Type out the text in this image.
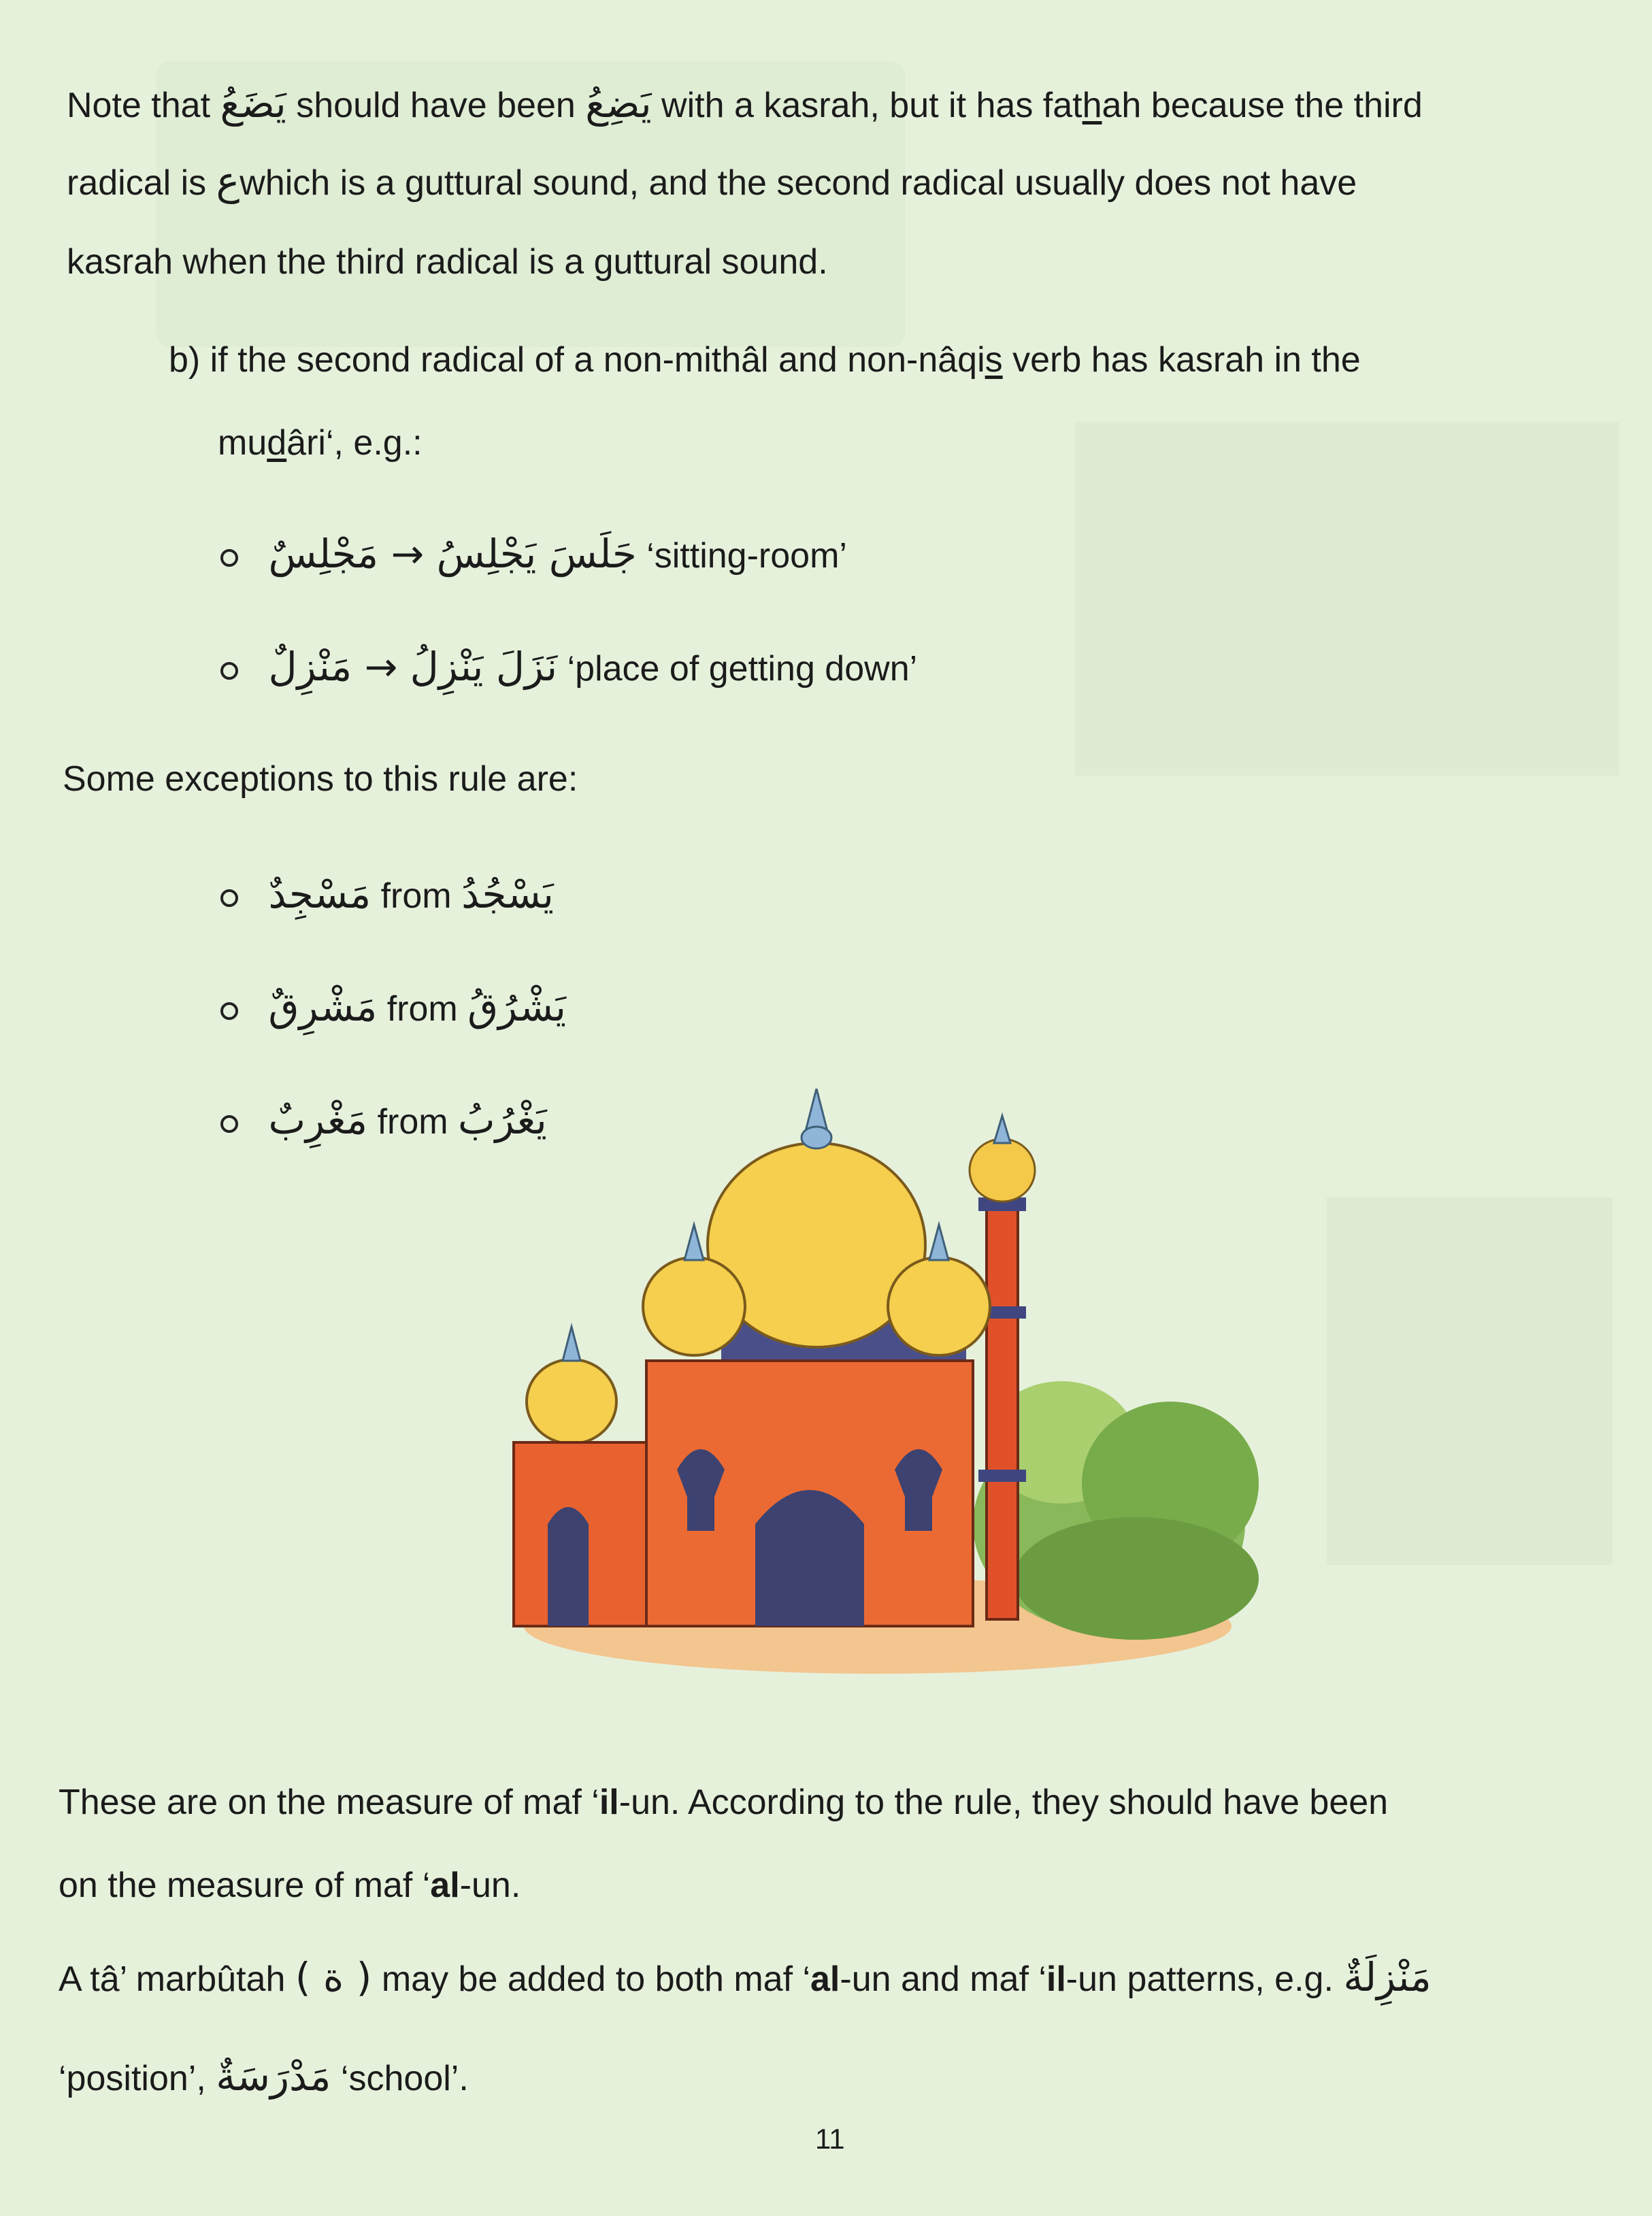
Note that يَضَعُ should have been يَضِعُ with a kasrah, but it has fathah because the third
radical is عwhich is a guttural sound, and the second radical usually does not have
kasrah when the third radical is a guttural sound.
b) if the second radical of a non-mithâl and non-nâqis verb has kasrah in the
mudâri‘, e.g.:
جَلَسَ يَجْلِسُ → مَجْلِسٌ ‘sitting-room’
نَزَلَ يَنْزِلُ → مَنْزِلٌ ‘place of getting down’
Some exceptions to this rule are:
مَسْجِدٌ from يَسْجُدُ
مَشْرِقٌ from يَشْرُقُ
مَغْرِبٌ from يَغْرُبُ
These are on the measure of maf ‘il-un. According to the rule, they should have been
on the measure of maf ‘al-un.
A tâ’ marbûtah ( ة ) may be added to both maf ‘al-un and maf ‘il-un patterns, e.g. مَنْزِلَةٌ
‘position’, مَدْرَسَةٌ ‘school’.
11
